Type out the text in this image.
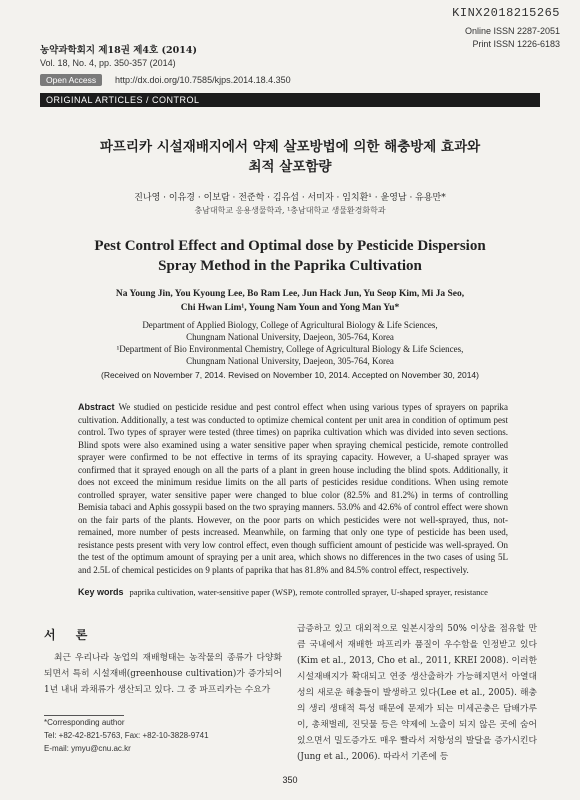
KINX2018215265
Online ISSN 2287-2051
Print ISSN 1226-6183
농약과학회지 제18권 제4호 (2014)
Vol. 18, No. 4, pp. 350-357 (2014)
Open Access	http://dx.doi.org/10.7585/kjps.2014.18.4.350
ORIGINAL ARTICLES / CONTROL
파프리카 시설재배지에서 약제 살포방법에 의한 해충방제 효과와
최적 살포함량
진나영 · 이유경 · 이보람 · 전준학 · 김유섭 · 서미자 · 임치환¹ · 윤영남 · 유용만*
충남대학교 응용생물학과, ¹충남대학교 생물환경화학과
Pest Control Effect and Optimal dose by Pesticide Dispersion
Spray Method in the Paprika Cultivation
Na Young Jin, You Kyoung Lee, Bo Ram Lee, Jun Hack Jun, Yu Seop Kim, Mi Ja Seo,
Chi Hwan Lim¹, Young Nam Youn and Yong Man Yu*
Department of Applied Biology, College of Agricultural Biology & Life Sciences,
Chungnam National University, Daejeon, 305-764, Korea
¹Department of Bio Environmental Chemistry, College of Agricultural Biology & Life Sciences,
Chungnam National University, Daejeon, 305-764, Korea
(Received on November 7, 2014. Revised on November 10, 2014. Accepted on November 30, 2014)
Abstract We studied on pesticide residue and pest control effect when using various types of sprayers on paprika cultivation. Additionally, a test was conducted to optimize chemical content per unit area in condition of optimum pest control. Two types of sprayer were tested (three times) on paprika cultivation which was divided into seven sections. Blind spots were also examined using a water sensitive paper when spraying chemical pesticide, remote controlled sprayer were confirmed to be not effective in terms of its spraying capacity. However, a U-shaped sprayer was confirmed that it sprayed enough on all the parts of a plant in green house including the blind spots. Additionally, it does not exceed the minimum residue limits on the all parts of pesticides residue conditions. When using remote controlled sprayer, water sensitive paper were changed to blue color (82.5% and 81.2%) in terms of controlling Bemisia tabaci and Aphis gossypii based on the two spraying manners. 53.0% and 42.6% of control effect were shown on the fair parts of the plants. However, on the poor parts on which pesticides were not well-sprayed, thus, not-remained, more number of pests increased. Meanwhile, on farming that only one type of pesticide has been used, resistance pests present with very low control effect, even though sufficient amount of pesticide was well-sprayed. On the test of the optimum amount of spraying per a unit area, which shows no differences in the two cases of using 5L and 2.5L of chemical pesticides on 9 plants of paprika that has 81.8% and 84.5% control effect, respectively.
Key words paprika cultivation, water-sensitive paper (WSP), remote controlled sprayer, U-shaped sprayer, resistance
서 론
최근 우리나라 농업의 재배형태는 농작물의 종류가 다양화되면서 특히 시설재배(greenhouse cultivation)가 증가되어 1년 내내 과채류가 생산되고 있다. 그 중 파프리카는 수요가
급증하고 있고 대외적으로 일본시장의 50% 이상을 점유할 만큼 국내에서 재배한 파프리카 품질이 우수함을 인정받고 있다(Kim et al., 2013, Cho et al., 2011, KREI 2008). 이러한 시설재배지가 확대되고 연중 생산출하가 가능해지면서 아열대성의 새로운 해충들이 발생하고 있다(Lee et al., 2005). 해충의 생리 생태적 특성 때문에 문제가 되는 미세곤충은 담배가루이, 총채벌레, 진딧물 등은 약제에 노출이 되지 않은 곳에 숨어있으면서 밀도증가도 매우 빨라서 저항성의 발달을 증가시킨다(Jung et al., 2006). 따라서 기존에 등
*Corresponding author
Tel: +82-42-821-5763, Fax: +82-10-3828-9741
E-mail: ymyu@cnu.ac.kr
350
